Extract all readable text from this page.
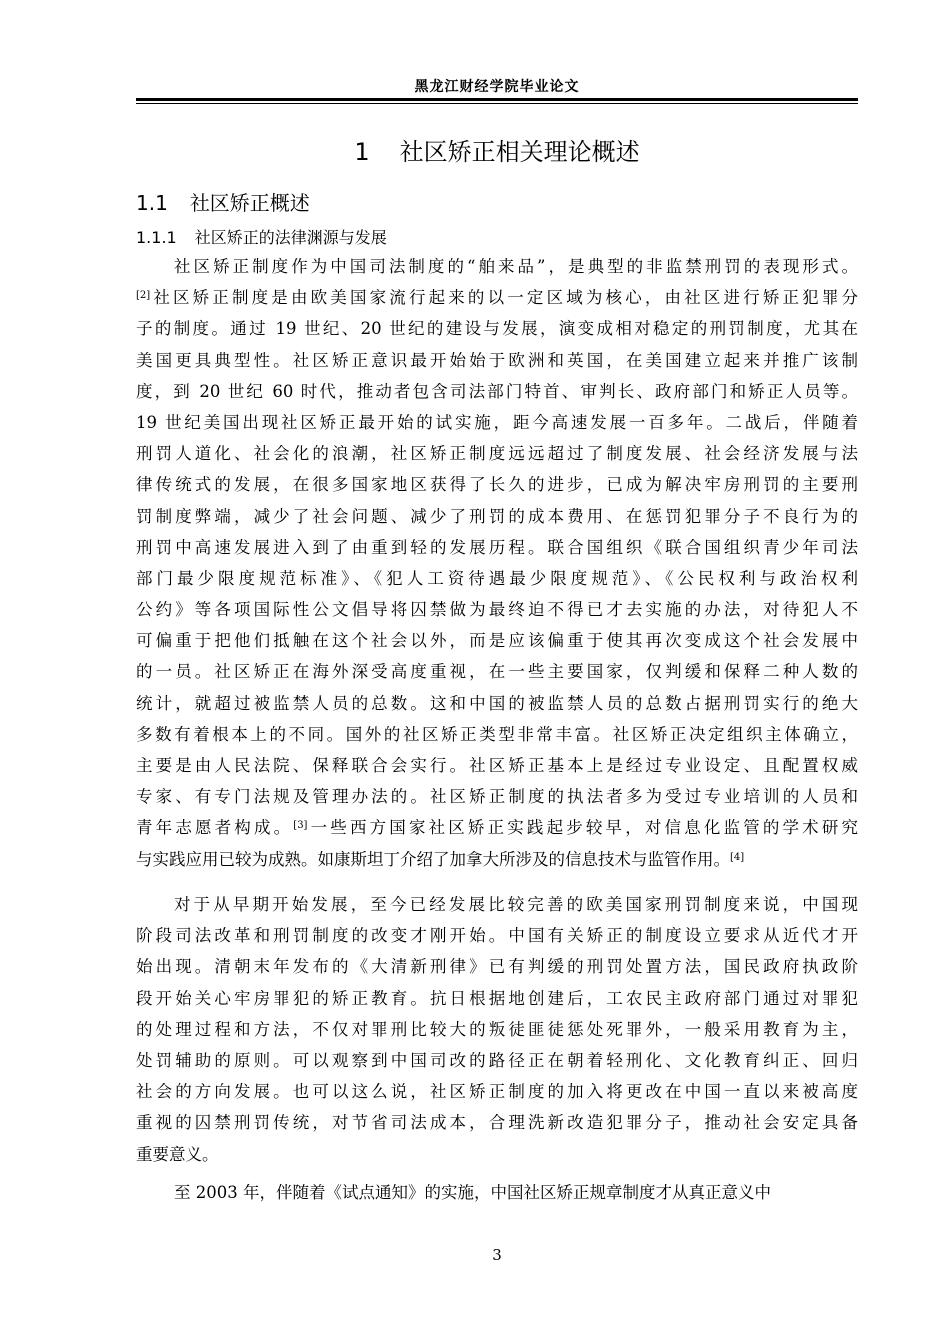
黑龙江财经学院毕业论文
1 社区矫正相关理论概述
1.1 社区矫正概述
1.1.1 社区矫正的法律渊源与发展
社区矫正制度作为中国司法制度的“舶来品”，是典型的非监禁刑罚的表现形式。
[2]社区矫正制度是由欧美国家流行起来的以一定区域为核心，由社区进行矫正犯罪分
子的制度。通过 19 世纪、20 世纪的建设与发展，演变成相对稳定的刑罚制度，尤其在
美国更具典型性。社区矫正意识最开始始于欧洲和英国，在美国建立起来并推广该制
度，到 20 世纪 60 时代，推动者包含司法部门特首、审判长、政府部门和矫正人员等。
19 世纪美国出现社区矫正最开始的试实施，距今高速发展一百多年。二战后，伴随着
刑罚人道化、社会化的浪潮，社区矫正制度远远超过了制度发展、社会经济发展与法
律传统式的发展，在很多国家地区获得了长久的进步，已成为解决牢房刑罚的主要刑
罚制度弊端，减少了社会问题、减少了刑罚的成本费用、在惩罚犯罪分子不良行为的
刑罚中高速发展进入到了由重到轻的发展历程。联合国组织《联合国组织青少年司法
部门最少限度规范标准》、《犯人工资待遇最少限度规范》、《公民权利与政治权利
公约》等各项国际性公文倡导将囚禁做为最终迫不得已才去实施的办法，对待犯人不
可偏重于把他们抵触在这个社会以外，而是应该偏重于使其再次变成这个社会发展中
的一员。社区矫正在海外深受高度重视，在一些主要国家，仅判缓和保释二种人数的
统计，就超过被监禁人员的总数。这和中国的被监禁人员的总数占据刑罚实行的绝大
多数有着根本上的不同。国外的社区矫正类型非常丰富。社区矫正决定组织主体确立，
主要是由人民法院、保释联合会实行。社区矫正基本上是经过专业设定、且配置权威
专家、有专门法规及管理办法的。社区矫正制度的执法者多为受过专业培训的人员和
青年志愿者构成。[3]一些西方国家社区矫正实践起步较早，对信息化监管的学术研究
与实践应用已较为成熟。如康斯坦丁介绍了加拿大所涉及的信息技术与监管作用。[4]
对于从早期开始发展，至今已经发展比较完善的欧美国家刑罚制度来说，中国现
阶段司法改革和刑罚制度的改变才刚开始。中国有关矫正的制度设立要求从近代才开
始出现。清朝末年发布的《大清新刑律》已有判缓的刑罚处置方法，国民政府执政阶
段开始关心牢房罪犯的矫正教育。抗日根据地创建后，工农民主政府部门通过对罪犯
的处理过程和方法，不仅对罪刑比较大的叛徒匪徒惩处死罪外，一般采用教育为主，
处罚辅助的原则。可以观察到中国司改的路径正在朝着轻刑化、文化教育纠正、回归
社会的方向发展。也可以这么说，社区矫正制度的加入将更改在中国一直以来被高度
重视的囚禁刑罚传统，对节省司法成本，合理洗新改造犯罪分子，推动社会安定具备
重要意义。
至 2003 年，伴随着《试点通知》的实施，中国社区矫正规章制度才从真正意义中
3
